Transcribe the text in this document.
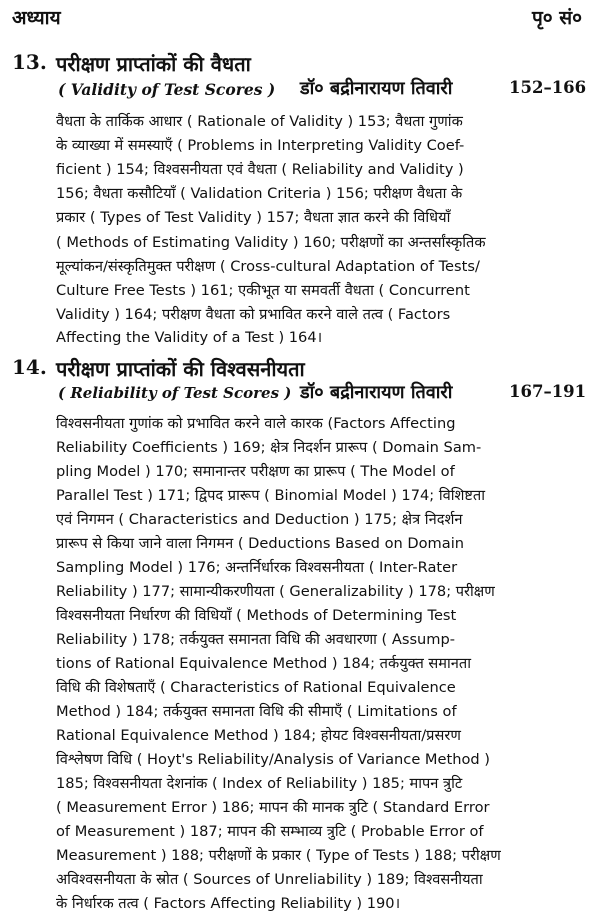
अध्याय	पृ० सं०
13. परीक्षण प्राप्तांकों की वैधता
( Validity of Test Scores ) डॉ० बद्रीनारायण तिवारी	152–166
वैधता के तार्किक आधार ( Rationale of Validity ) 153; वैधता गुणांक
के व्याख्या में समस्याएँ ( Problems in Interpreting Validity Coef-
ficient ) 154; विश्वसनीयता एवं वैधता ( Reliability and Validity )
156; वैधता कसौटियाँ ( Validation Criteria ) 156; परीक्षण वैधता के
प्रकार ( Types of Test Validity ) 157; वैधता ज्ञात करने की विधियाँ
( Methods of Estimating Validity ) 160; परीक्षणों का अन्तर्सांस्कृतिक
मूल्यांकन/संस्कृतिमुक्त परीक्षण ( Cross-cultural Adaptation of Tests/
Culture Free Tests ) 161; एकीभूत या समवर्ती वैधता ( Concurrent
Validity ) 164; परीक्षण वैधता को प्रभावित करने वाले तत्व ( Factors
Affecting the Validity of a Test ) 164।
14. परीक्षण प्राप्तांकों की विश्वसनीयता
( Reliability of Test Scores ) डॉ० बद्रीनारायण तिवारी	167–191
विश्वसनीयता गुणांक को प्रभावित करने वाले कारक (Factors Affecting
Reliability Coefficients ) 169; क्षेत्र निदर्शन प्रारूप ( Domain Sam-
pling Model ) 170; समानान्तर परीक्षण का प्रारूप ( The Model of
Parallel Test ) 171; द्विपद प्रारूप ( Binomial Model ) 174; विशिष्टता
एवं निगमन ( Characteristics and Deduction ) 175; क्षेत्र निदर्शन
प्रारूप से किया जाने वाला निगमन ( Deductions Based on Domain
Sampling Model ) 176; अन्तर्निर्धारक विश्वसनीयता ( Inter-Rater
Reliability ) 177; सामान्यीकरणीयता ( Generalizability ) 178; परीक्षण
विश्वसनीयता निर्धारण की विधियाँ ( Methods of Determining Test
Reliability ) 178; तर्कयुक्त समानता विधि की अवधारणा ( Assump-
tions of Rational Equivalence Method ) 184; तर्कयुक्त समानता
विधि की विशेषताएँ ( Characteristics of Rational Equivalence
Method ) 184; तर्कयुक्त समानता विधि की सीमाएँ ( Limitations of
Rational Equivalence Method ) 184; होयट विश्वसनीयता/प्रसरण
विश्लेषण विधि ( Hoyt's Reliability/Analysis of Variance Method )
185; विश्वसनीयता देशनांक ( Index of Reliability ) 185; मापन त्रुटि
( Measurement Error ) 186; मापन की मानक त्रुटि ( Standard Error
of Measurement ) 187; मापन की सम्भाव्य त्रुटि ( Probable Error of
Measurement ) 188; परीक्षणों के प्रकार ( Type of Tests ) 188; परीक्षण
अविश्वसनीयता के स्रोत ( Sources of Unreliability ) 189; विश्वसनीयता
के निर्धारक तत्व ( Factors Affecting Reliability ) 190।
